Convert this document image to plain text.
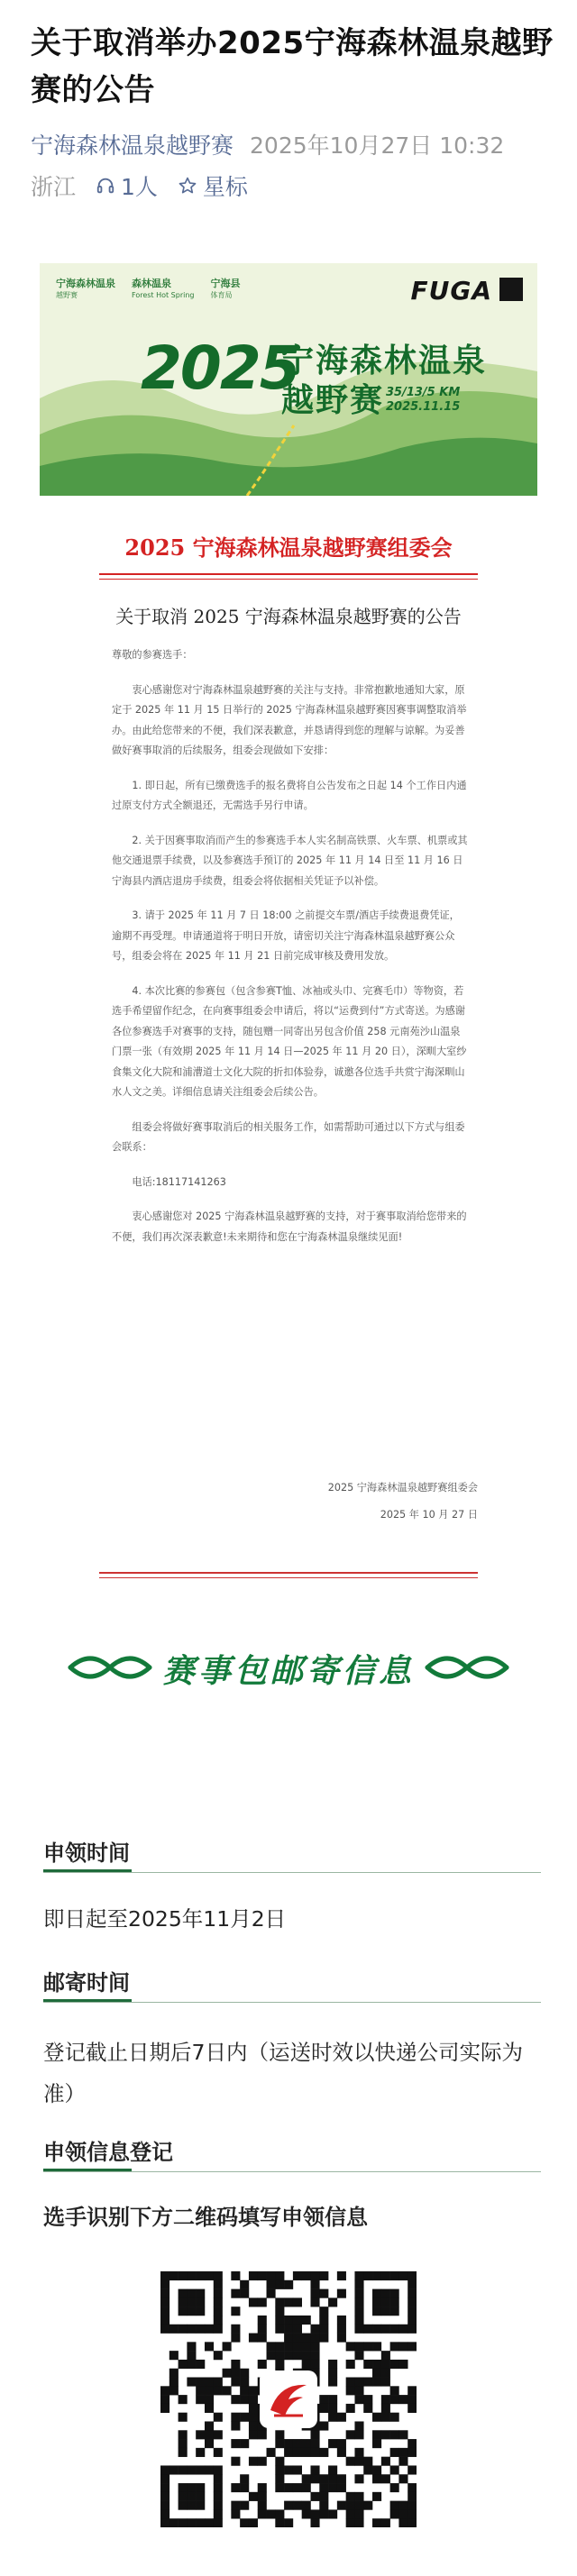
关于取消举办2025宁海森林温泉越野赛的公告
宁海森林温泉越野赛 2025年10月27日 10:32
浙江 1人 星标
宁海森林温泉
越野赛
森林温泉
Forest Hot Spring
宁海县
体育局	FUGA
2025
宁海森林温泉
越野赛 35/13/5 KM
2025.11.15
2025 宁海森林温泉越野赛组委会
关于取消 2025 宁海森林温泉越野赛的公告
尊敬的参赛选手：

衷心感谢您对宁海森林温泉越野赛的关注与支持。非常抱歉地通知大家，原定于 2025 年 11 月 15 日举行的 2025 宁海森林温泉越野赛因赛事调整取消举办。由此给您带来的不便，我们深表歉意，并恳请得到您的理解与谅解。为妥善做好赛事取消的后续服务，组委会现做如下安排：

1. 即日起，所有已缴费选手的报名费将自公告发布之日起 14 个工作日内通过原支付方式全额退还，无需选手另行申请。

2. 关于因赛事取消而产生的参赛选手本人实名制高铁票、火车票、机票或其他交通退票手续费，以及参赛选手预订的 2025 年 11 月 14 日至 11 月 16 日宁海县内酒店退房手续费，组委会将依据相关凭证予以补偿。

3. 请于 2025 年 11 月 7 日 18:00 之前提交车票/酒店手续费退费凭证，逾期不再受理。申请通道将于明日开放，请密切关注宁海森林温泉越野赛公众号，组委会将在 2025 年 11 月 21 日前完成审核及费用发放。

4. 本次比赛的参赛包（包含参赛T恤、冰袖或头巾、完赛毛巾）等物资，若选手希望留作纪念，在向赛事组委会申请后，将以“运费到付”方式寄送。为感谢各位参赛选手对赛事的支持，随包赠一同寄出另包含价值 258 元南苑沙山温泉门票一张（有效期 2025 年 11 月 14 日—2025 年 11 月 20 日），深甽大室纱食集文化大院和浦漕道士文化大院的折扣体验券，诚邀各位选手共赏宁海深甽山水人文之美。详细信息请关注组委会后续公告。

组委会将做好赛事取消后的相关服务工作，如需帮助可通过以下方式与组委会联系：

电话:18117141263

衷心感谢您对 2025 宁海森林温泉越野赛的支持，对于赛事取消给您带来的不便，我们再次深表歉意!未来期待和您在宁海森林温泉继续见面!

2025 宁海森林温泉越野赛组委会
2025 年 10 月 27 日
赛事包邮寄信息
申领时间
即日起至2025年11月2日
邮寄时间
登记截止日期后7日内（运送时效以快递公司实际为准）
申领信息登记
选手识别下方二维码填写申领信息
